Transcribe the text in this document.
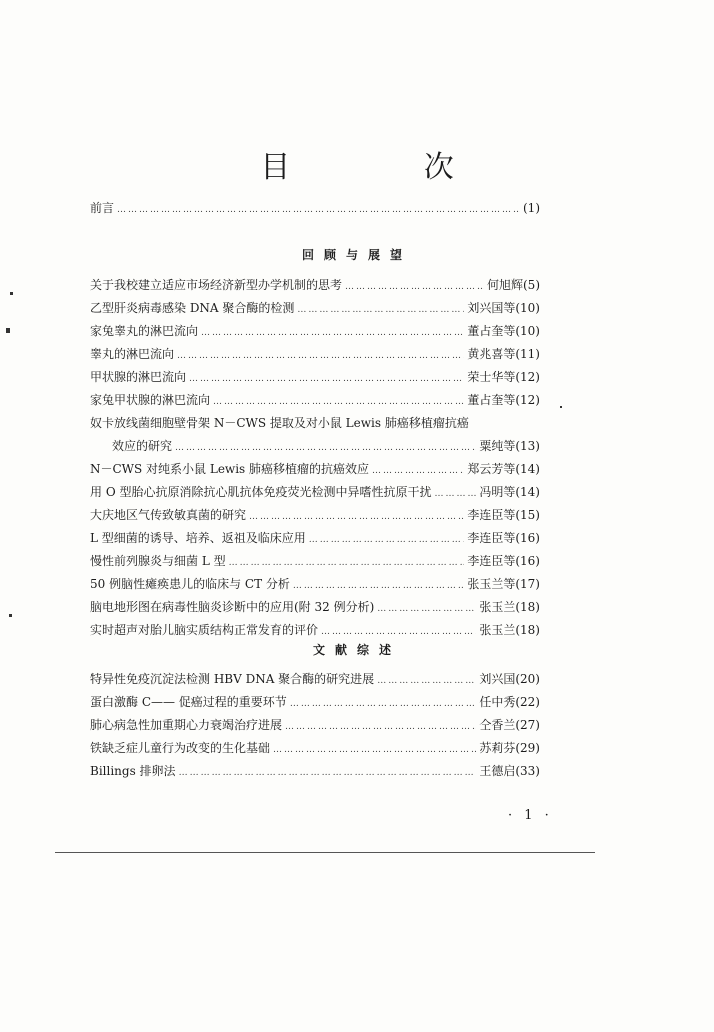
目 次
前言 …………………………………………………………………………………………………………………………………………………………………………	(1)
回顾与展望
关于我校建立适应市场经济新型办学机制的思考 …………………………………………………………………………………………………………………………………………………………………………	何旭辉(5)
乙型肝炎病毒感染 DNA 聚合酶的检测 …………………………………………………………………………………………………………………………………………………………………………	刘兴国等(10)
家兔睾丸的淋巴流向 …………………………………………………………………………………………………………………………………………………………………………	董占奎等(10)
睾丸的淋巴流向 …………………………………………………………………………………………………………………………………………………………………………	黄兆喜等(11)
甲状腺的淋巴流向 …………………………………………………………………………………………………………………………………………………………………………	荣士华等(12)
家兔甲状腺的淋巴流向 …………………………………………………………………………………………………………………………………………………………………………	董占奎等(12)
奴卡放线菌细胞壁骨架 N－CWS 提取及对小鼠 Lewis 肺癌移植瘤抗癌
效应的研究 …………………………………………………………………………………………………………………………………………………………………………	粟纯等(13)
N－CWS 对纯系小鼠 Lewis 肺癌移植瘤的抗癌效应 …………………………………………………………………………………………………………………………………………………………………………	郑云芳等(14)
用 O 型胎心抗原消除抗心肌抗体免疫荧光检测中异嗜性抗原干扰 …………………………………………………………………………………………………………………………………………………………………………	冯明等(14)
大庆地区气传致敏真菌的研究 …………………………………………………………………………………………………………………………………………………………………………	李连臣等(15)
L 型细菌的诱导、培养、返祖及临床应用 …………………………………………………………………………………………………………………………………………………………………………	李连臣等(16)
慢性前列腺炎与细菌 L 型 …………………………………………………………………………………………………………………………………………………………………………	李连臣等(16)
50 例脑性瘫痪患儿的临床与 CT 分析 …………………………………………………………………………………………………………………………………………………………………………	张玉兰等(17)
脑电地形图在病毒性脑炎诊断中的应用(附 32 例分析) …………………………………………………………………………………………………………………………………………………………………………	张玉兰(18)
实时超声对胎儿脑实质结构正常发育的评价 …………………………………………………………………………………………………………………………………………………………………………	张玉兰(18)
文献综述
特异性免疫沉淀法检测 HBV DNA 聚合酶的研究进展 …………………………………………………………………………………………………………………………………………………………………………	刘兴国(20)
蛋白激酶 C—— 促癌过程的重要环节 …………………………………………………………………………………………………………………………………………………………………………	任中秀(22)
肺心病急性加重期心力衰竭治疗进展 …………………………………………………………………………………………………………………………………………………………………………	仝香兰(27)
铁缺乏症儿童行为改变的生化基础 …………………………………………………………………………………………………………………………………………………………………………	苏莉芬(29)
Billings 排卵法 …………………………………………………………………………………………………………………………………………………………………………	王德启(33)
· 1 ·
